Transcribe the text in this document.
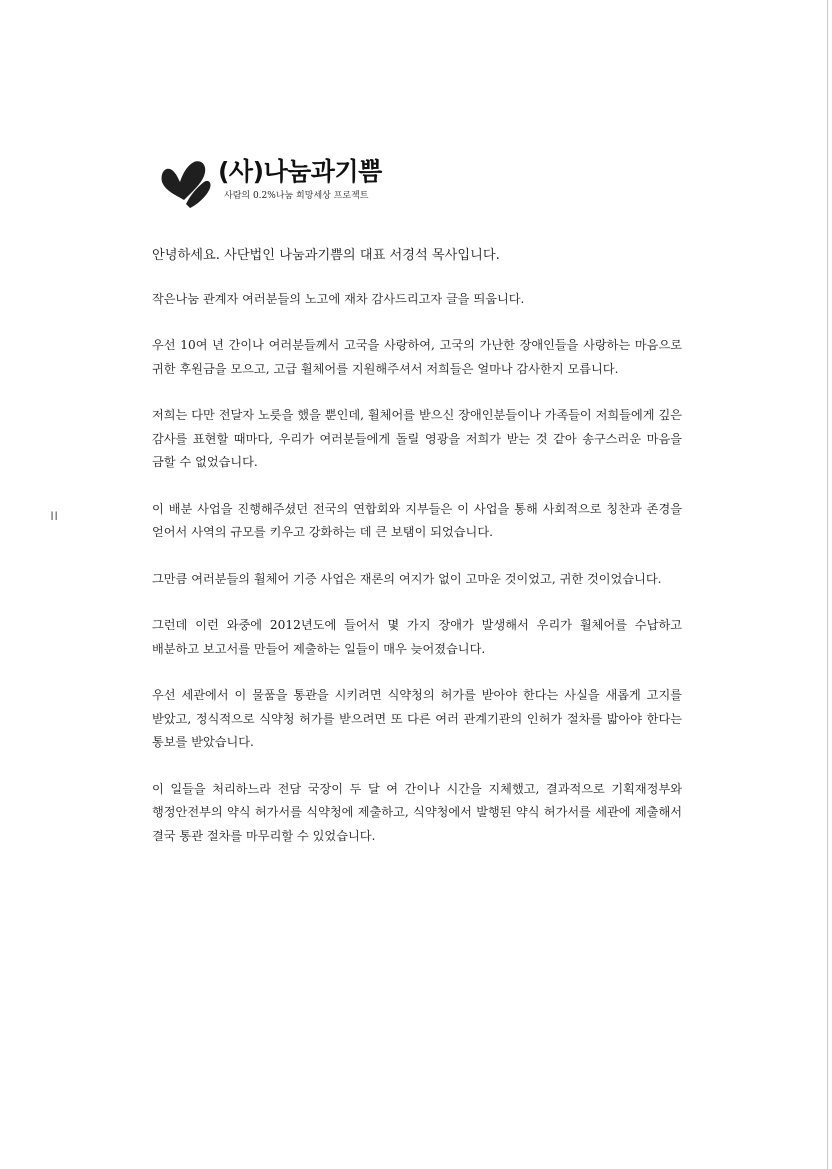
(사)나눔과기쁨
사람의 0.2%나눔 희망세상 프로젝트
ıı

안녕하세요. 사단법인 나눔과기쁨의 대표 서경석 목사입니다.

작은나눔 관계자 여러분들의 노고에 재차 감사드리고자 글을 띄웁니다.

우선 10여 년 간이나 여러분들께서 고국을 사랑하여, 고국의 가난한 장애인들을 사랑하는 마음으로 귀한 후원금을 모으고, 고급 휠체어를 지원해주셔서 저희들은 얼마나 감사한지 모릅니다.

저희는 다만 전달자 노릇을 했을 뿐인데, 휠체어를 받으신 장애인분들이나 가족들이 저희들에게 깊은 감사를 표현할 때마다, 우리가 여러분들에게 돌릴 영광을 저희가 받는 것 같아 송구스러운 마음을 금할 수 없었습니다.

이 배분 사업을 진행해주셨던 전국의 연합회와 지부들은 이 사업을 통해 사회적으로 칭찬과 존경을 얻어서 사역의 규모를 키우고 강화하는 데 큰 보탬이 되었습니다.

그만큼 여러분들의 휠체어 기증 사업은 재론의 여지가 없이 고마운 것이었고, 귀한 것이었습니다.

그런데 이런 와중에 2012년도에 들어서 몇 가지 장애가 발생해서 우리가 휠체어를 수납하고 배분하고 보고서를 만들어 제출하는 일들이 매우 늦어졌습니다.

우선 세관에서 이 물품을 통관을 시키려면 식약청의 허가를 받아야 한다는 사실을 새롭게 고지를 받았고, 정식적으로 식약청 허가를 받으려면 또 다른 여러 관계기관의 인허가 절차를 밟아야 한다는 통보를 받았습니다.

이 일들을 처리하느라 전담 국장이 두 달 여 간이나 시간을 지체했고, 결과적으로 기획재정부와 행정안전부의 약식 허가서를 식약청에 제출하고, 식약청에서 발행된 약식 허가서를 세관에 제출해서 결국 통관 절차를 마무리할 수 있었습니다.
